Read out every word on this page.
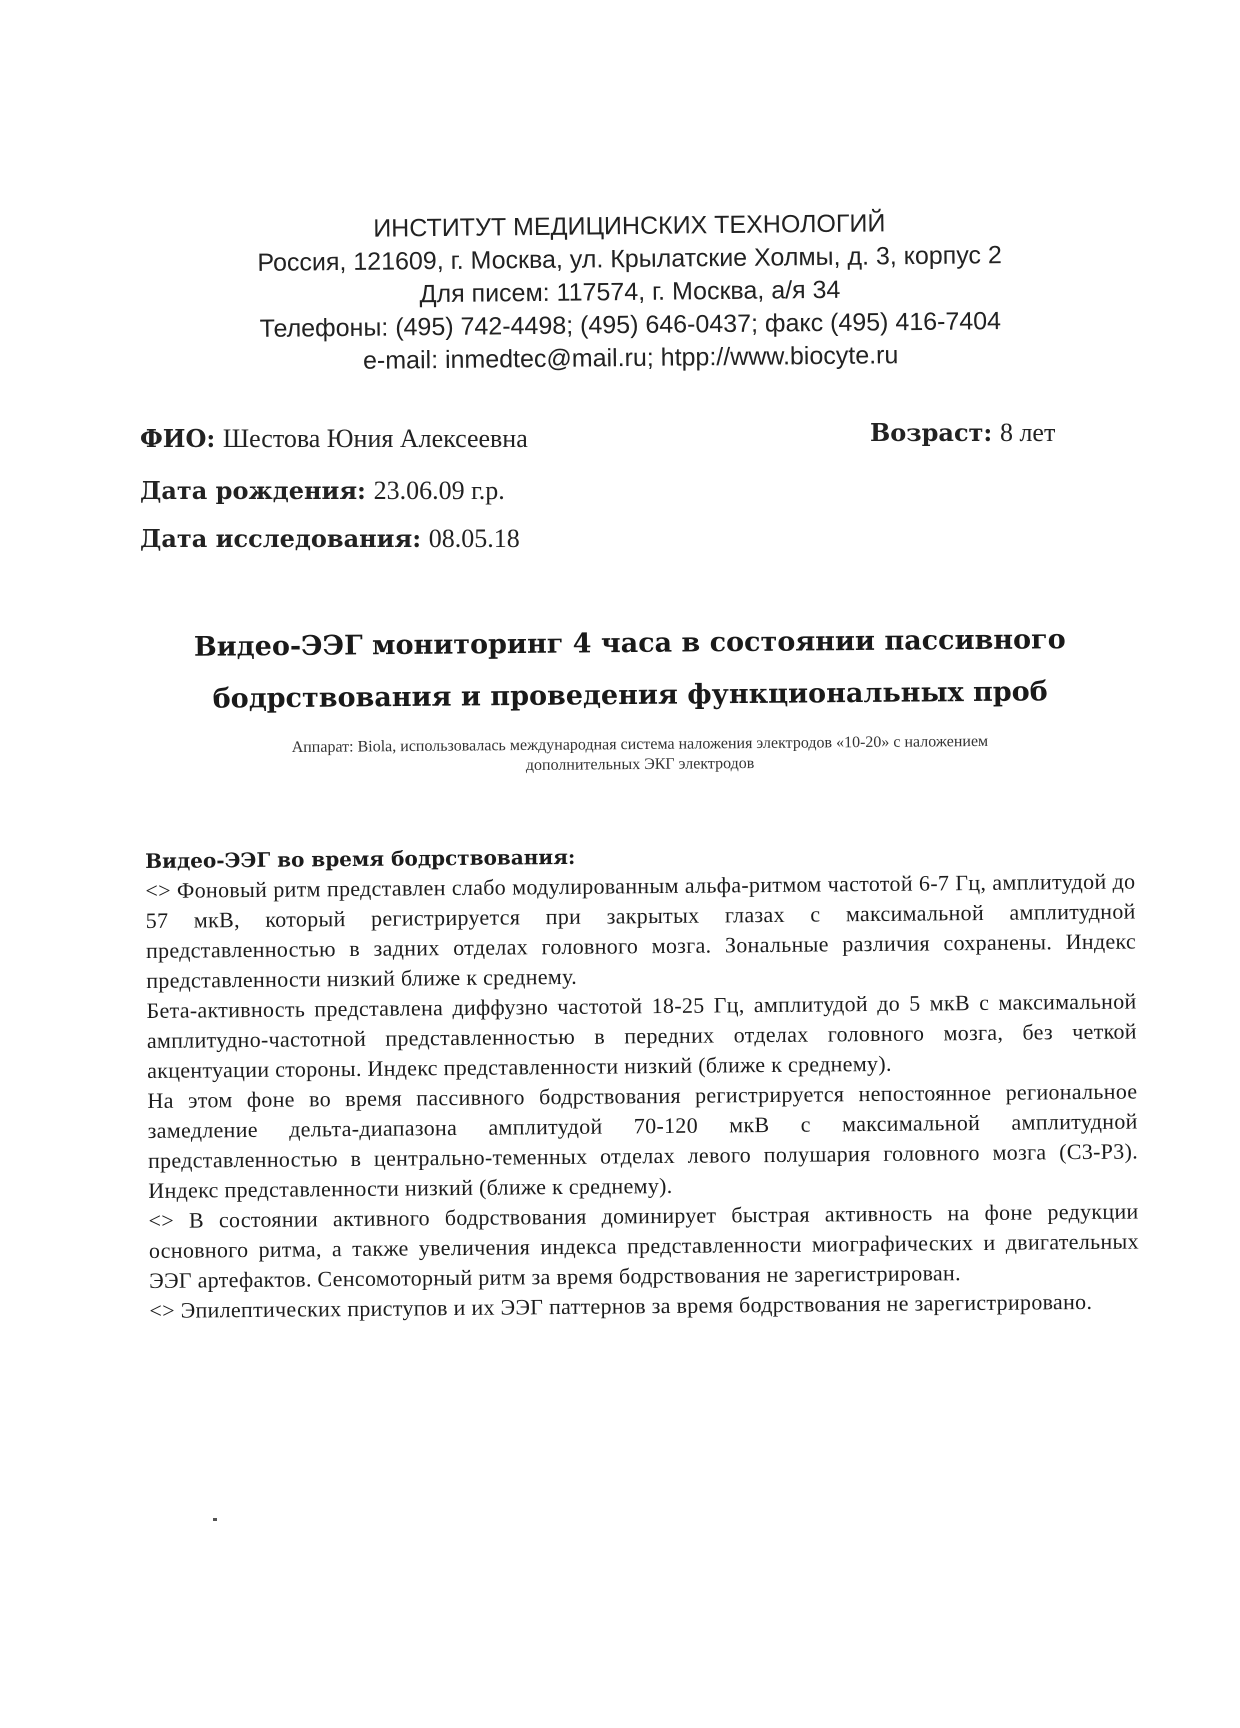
ИНСТИТУТ МЕДИЦИНСКИХ ТЕХНОЛОГИЙ
Россия, 121609, г. Москва, ул. Крылатские Холмы, д. 3, корпус 2
Для писем: 117574, г. Москва, а/я 34
Телефоны: (495) 742-4498; (495) 646-0437; факс (495) 416-7404
e-mail: inmedtec@mail.ru; htpp://www.biocyte.ru
ФИО: Шестова Юния Алексеевна	Возраст: 8 лет
Дата рождения: 23.06.09 г.р.
Дата исследования: 08.05.18
Видео-ЭЭГ мониторинг 4 часа в состоянии пассивного
бодрствования и проведения функциональных проб
Аппарат: Biola, использовалась международная система наложения электродов «10-20» с наложением
дополнительных ЭКГ электродов
Видео-ЭЭГ во время бодрствования:

<> Фоновый ритм представлен слабо модулированным альфа-ритмом частотой 6-7 Гц, амплитудой до 57 мкВ, который регистрируется при закрытых глазах с максимальной амплитудной представленностью в задних отделах головного мозга. Зональные различия сохранены. Индекс представленности низкий ближе к среднему.

Бета-активность представлена диффузно частотой 18-25 Гц, амплитудой до 5 мкВ с максимальной амплитудно-частотной представленностью в передних отделах головного мозга, без четкой акцентуации стороны. Индекс представленности низкий (ближе к среднему).

На этом фоне во время пассивного бодрствования регистрируется непостоянное региональное замедление дельта-диапазона амплитудой 70-120 мкВ с максимальной амплитудной представленностью в центрально-теменных отделах левого полушария головного мозга (С3-Р3). Индекс представленности низкий (ближе к среднему).

<> В состоянии активного бодрствования доминирует быстрая активность на фоне редукции основного ритма, а также увеличения индекса представленности миографических и двигательных ЭЭГ артефактов. Сенсомоторный ритм за время бодрствования не зарегистрирован.

<> Эпилептических приступов и их ЭЭГ паттернов за время бодрствования не зарегистрировано.
